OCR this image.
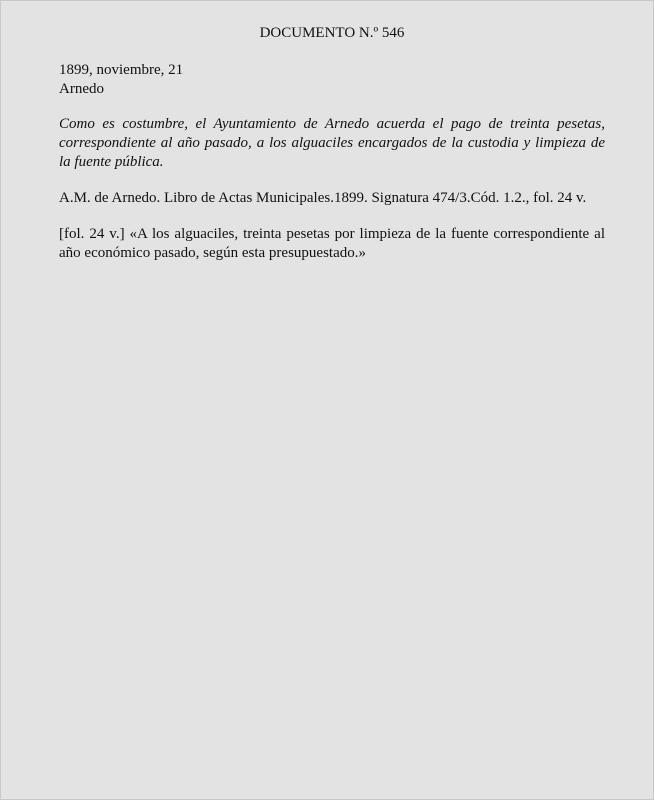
DOCUMENTO N.º 546
1899, noviembre, 21
Arnedo
Como es costumbre, el Ayuntamiento de Arnedo acuerda el pago de treinta pesetas, correspondiente al año pasado, a los alguaciles encargados de la custodia y limpieza de la fuente pública.
A.M. de Arnedo. Libro de Actas Municipales.1899. Signatura 474/3.Cód. 1.2., fol. 24 v.
[fol. 24 v.] «A los alguaciles, treinta pesetas por limpieza de la fuente correspondiente al año económico pasado, según esta presupuestado.»
